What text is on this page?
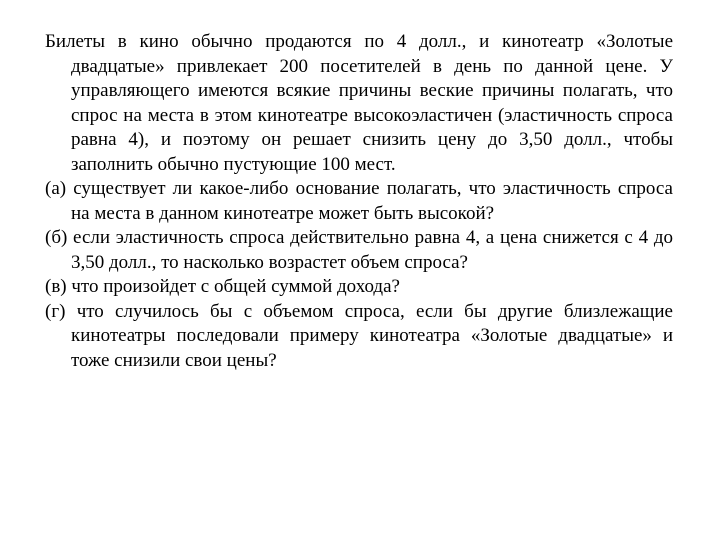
Билеты в кино обычно продаются по 4 долл., и кинотеатр «Золотые двадцатые» привлекает 200 посетителей в день по данной цене. У управляющего имеются всякие причины веские причины полагать, что спрос на места в этом кинотеатре высокоэластичен (эластичность спроса равна 4), и поэтому он решает снизить цену до 3,50 долл., чтобы заполнить обычно пустующие 100 мест.

(а) существует ли какое-либо основание полагать, что эластичность спроса на места в данном кинотеатре может быть высокой?

(б) если эластичность спроса действительно равна 4, а цена снижется с 4 до 3,50 долл., то насколько возрастет объем спроса?

(в) что произойдет с общей суммой дохода?

(г) что случилось бы с объемом спроса, если бы другие близлежащие кинотеатры последовали примеру кинотеатра «Золотые двадцатые» и тоже снизили свои цены?
